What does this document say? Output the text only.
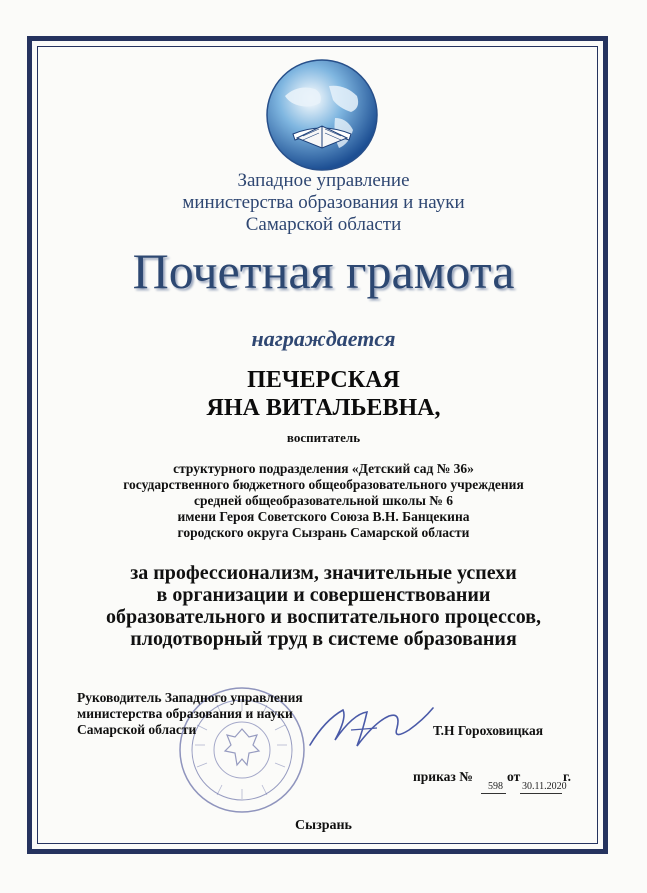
Западное управление
министерства образования и науки
Самарской области
Почетная грамота
награждается
ПЕЧЕРСКАЯ
ЯНА ВИТАЛЬЕВНА,
воспитатель
структурного подразделения «Детский сад № 36»
государственного бюджетного общеобразовательного учреждения
средней общеобразовательной школы № 6
имени Героя Советского Союза В.Н. Банцекина
городского округа Сызрань Самарской области
за профессионализм, значительные успехи
в организации и совершенствовании
образовательного и воспитательного процессов,
плодотворный труд в системе образования
Руководитель Западного управления
министерства образования и науки
Самарской области	Т.Н Гороховицкая
приказ №
598
от
30.11.2020
г.
Сызрань
